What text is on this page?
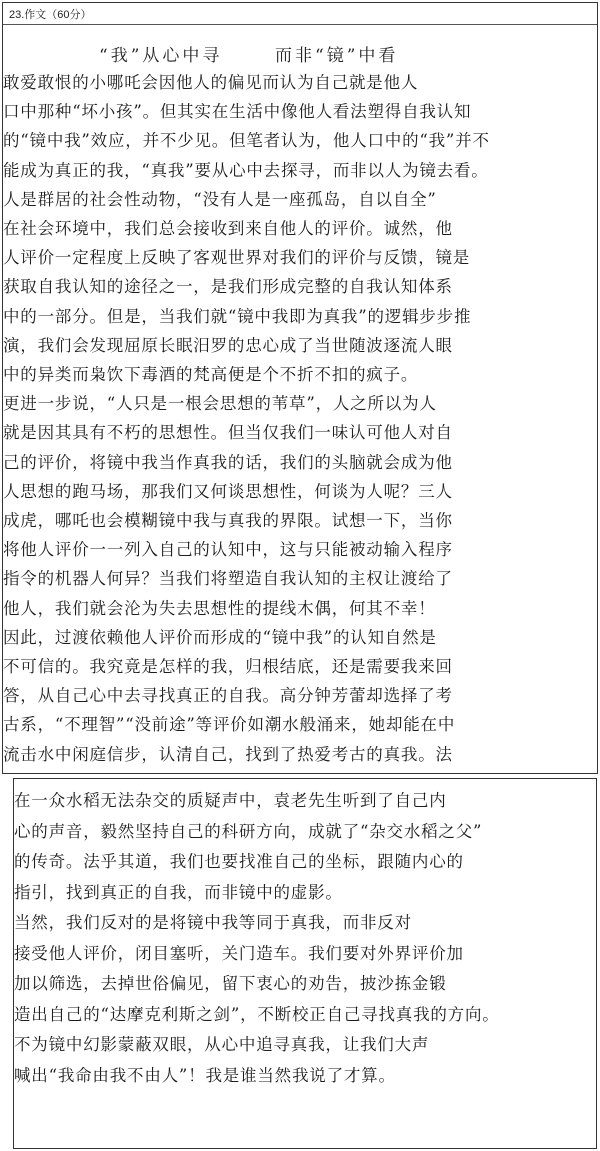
23.作文（60分）
“我”从心中寻	而非“镜”中看
敢爱敢恨的小哪吒会因他人的偏见而认为自己就是他人
口中那种“坏小孩”。但其实在生活中像他人看法塑得自我认知
的“镜中我”效应，并不少见。但笔者认为，他人口中的“我”并不
能成为真正的我，“真我”要从心中去探寻，而非以人为镜去看。
人是群居的社会性动物，“没有人是一座孤岛，自以自全”
在社会环境中，我们总会接收到来自他人的评价。诚然，他
人评价一定程度上反映了客观世界对我们的评价与反馈，镜是
获取自我认知的途径之一，是我们形成完整的自我认知体系
中的一部分。但是，当我们就“镜中我即为真我”的逻辑步步推
演，我们会发现屈原长眠汨罗的忠心成了当世随波逐流人眼
中的异类而枭饮下毒酒的梵高便是个不折不扣的疯子。
更进一步说，“人只是一根会思想的苇草”，人之所以为人
就是因其具有不朽的思想性。但当仅我们一味认可他人对自
己的评价，将镜中我当作真我的话，我们的头脑就会成为他
人思想的跑马场，那我们又何谈思想性，何谈为人呢？三人
成虎，哪吒也会模糊镜中我与真我的界限。试想一下，当你
将他人评价一一列入自己的认知中，这与只能被动输入程序
指令的机器人何异？当我们将塑造自我认知的主权让渡给了
他人，我们就会沦为失去思想性的提线木偶，何其不幸！
因此，过渡依赖他人评价而形成的“镜中我”的认知自然是
不可信的。我究竟是怎样的我，归根结底，还是需要我来回
答，从自己心中去寻找真正的自我。高分钟芳蕾却选择了考
古系，“不理智”“没前途”等评价如潮水般涌来，她却能在中
流击水中闲庭信步，认清自己，找到了热爱考古的真我。法
在一众水稻无法杂交的质疑声中，袁老先生听到了自己内
心的声音，毅然坚持自己的科研方向，成就了“杂交水稻之父”
的传奇。法乎其道，我们也要找准自己的坐标，跟随内心的
指引，找到真正的自我，而非镜中的虚影。
当然，我们反对的是将镜中我等同于真我，而非反对
接受他人评价，闭目塞听，关门造车。我们要对外界评价加
加以筛选，去掉世俗偏见，留下衷心的劝告，披沙拣金锻
造出自己的“达摩克利斯之剑”，不断校正自己寻找真我的方向。
不为镜中幻影蒙蔽双眼，从心中追寻真我，让我们大声
喊出“我命由我不由人”！我是谁当然我说了才算。
